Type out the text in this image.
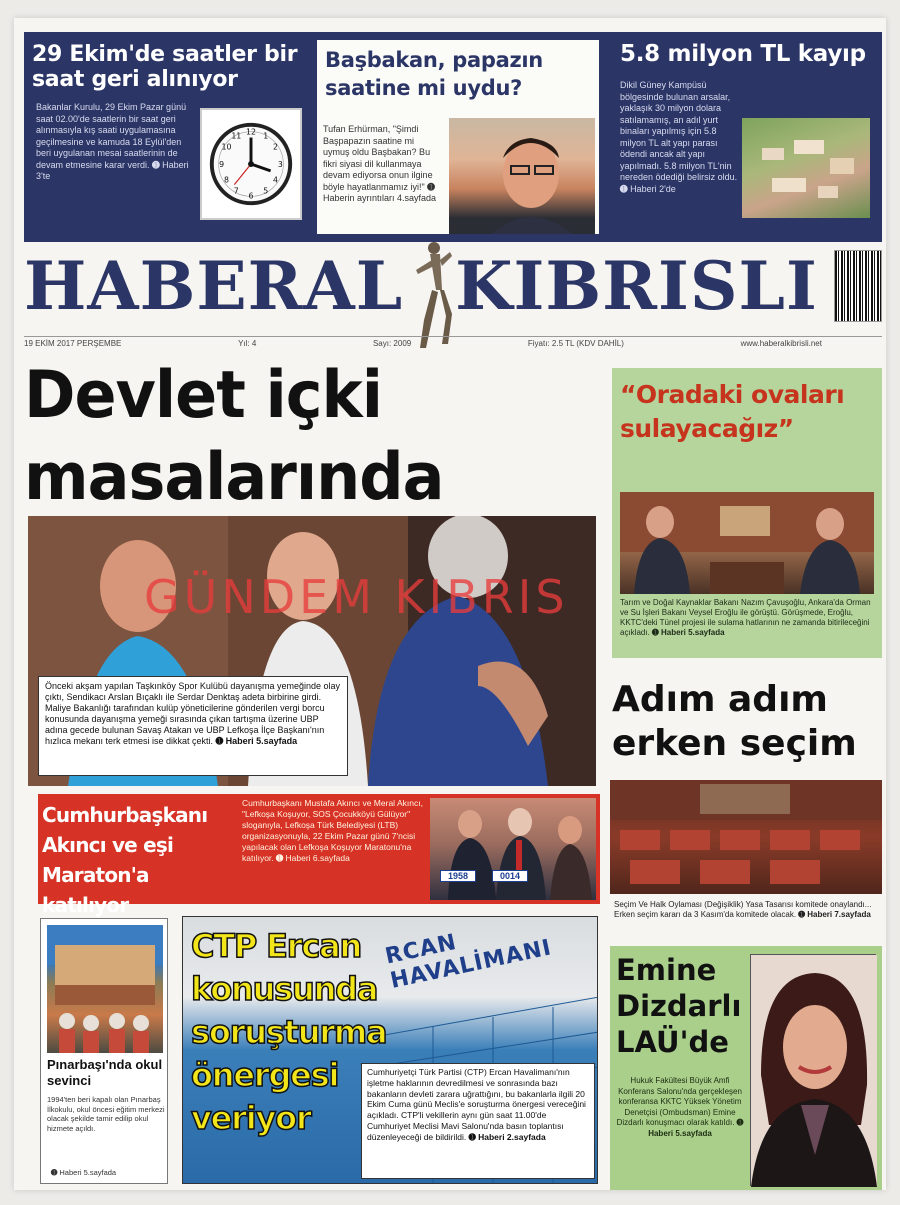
29 Ekim'de saatler bir saat geri alınıyor
Bakanlar Kurulu, 29 Ekim Pazar günü saat 02.00'de saatlerin bir saat geri alınmasıyla kış saati uygulamasına geçilmesine ve kamuda 18 Eylül'den beri uygulanan mesai saatlerinin de devam etmesine karar verdi. ➊ Haberi 3'te
12 1
2
3
4
5
6
7
8
9
10
11
Başbakan, papazın saatine mi uydu?
Tufan Erhürman, "Şimdi Başpapazın saatine mi uymuş oldu Başbakan? Bu fikri siyasi dil kullanmaya devam ediyorsa onun ilgine böyle hayatlanmamız iyi!" ➊ Haberin ayrıntıları 4.sayfada
5.8 milyon TL kayıp
Dikil Güney Kampüsü bölgesinde bulunan arsalar, yaklaşık 30 milyon dolara satılamamış, an adıl yurt binaları yapılmış için 5.8 milyon TL alt yapı parası ödendi ancak alt yapı yapılmadı. 5.8 milyon TL'nin nereden ödediği belirsiz oldu. ➊ Haberi 2'de
HABERAL KIBRISLI
19 EKİM 2017 PERŞEMBE	Yıl: 4	Sayı: 2009	Fiyatı: 2.5 TL (KDV DAHİL)	www.haberalkibrisli.net
Devlet içki
masalarında
GÜNDEM KIBRIS
Önceki akşam yapılan Taşkınköy Spor Kulübü dayanışma yemeğinde olay çıktı, Sendikacı Arslan Bıçaklı ile Serdar Denktaş adeta birbirine girdi. Maliye Bakanlığı tarafından kulüp yöneticilerine gönderilen vergi borcu konusunda dayanışma yemeği sırasında çıkan tartışma üzerine UBP adına gecede bulunan Savaş Atakan ve UBP Lefkoşa İlçe Başkanı'nın hızlıca mekanı terk etmesi ise dikkat çekti. ➊ Haberi 5.sayfada
“Oradaki ovaları sulayacağız”
Tarım ve Doğal Kaynaklar Bakanı Nazım Çavuşoğlu, Ankara'da Orman ve Su İşleri Bakanı Veysel Eroğlu ile görüştü. Görüşmede, Eroğlu, KKTC'deki Tünel projesi ile sulama hatlarının ne zamanda bitirileceğini açıkladı. ➊ Haberi 5.sayfada
Adım adım
erken seçim
Seçim Ve Halk Oylaması (Değişiklik) Yasa Tasarısı komitede onaylandı... Erken seçim kararı da 3 Kasım'da komitede olacak. ➊ Haberi 7.sayfada
Cumhurbaşkanı Akıncı ve eşi Maraton'a katılıyor
Cumhurbaşkanı Mustafa Akıncı ve Meral Akıncı, "Lefkoşa Koşuyor, SOS Çocukköyü Gülüyor" sloganıyla, Lefkoşa Türk Belediyesi (LTB) organizasyonuyla, 22 Ekim Pazar günü 7'ncisi yapılacak olan Lefkoşa Koşuyor Maratonu'na katılıyor. ➊ Haberi 6.sayfada
1958	0014
Pınarbaşı'nda okul sevinci
1994'ten beri kapalı olan Pınarbaş İlkokulu, okul öncesi eğitim merkezi olacak şekilde tamir edilip okul hizmete açıldı.
➊ Haberi 5.sayfada
RCAN HAVALİMANI
CTP Ercan konusunda soruşturma önergesi veriyor
Cumhuriyetçi Türk Partisi (CTP) Ercan Havalimanı'nın işletme haklarının devredilmesi ve sonrasında bazı bakanların devleti zarara uğrattığını, bu bakanlarla ilgili 20 Ekim Cuma günü Meclis'e soruşturma önergesi vereceğini açıkladı. CTP'li vekillerin aynı gün saat 11.00'de Cumhuriyet Meclisi Mavi Salonu'nda basın toplantısı düzenleyeceği de bildirildi. ➊ Haberi 2.sayfada
Emine Dizdarlı LAÜ'de
Hukuk Fakültesi Büyük Amfi Konferans Salonu'nda gerçekleşen konferansa KKTC Yüksek Yönetim Denetçisi (Ombudsman) Emine Dizdarlı konuşmacı olarak katıldı. ➊ Haberi 5.sayfada
